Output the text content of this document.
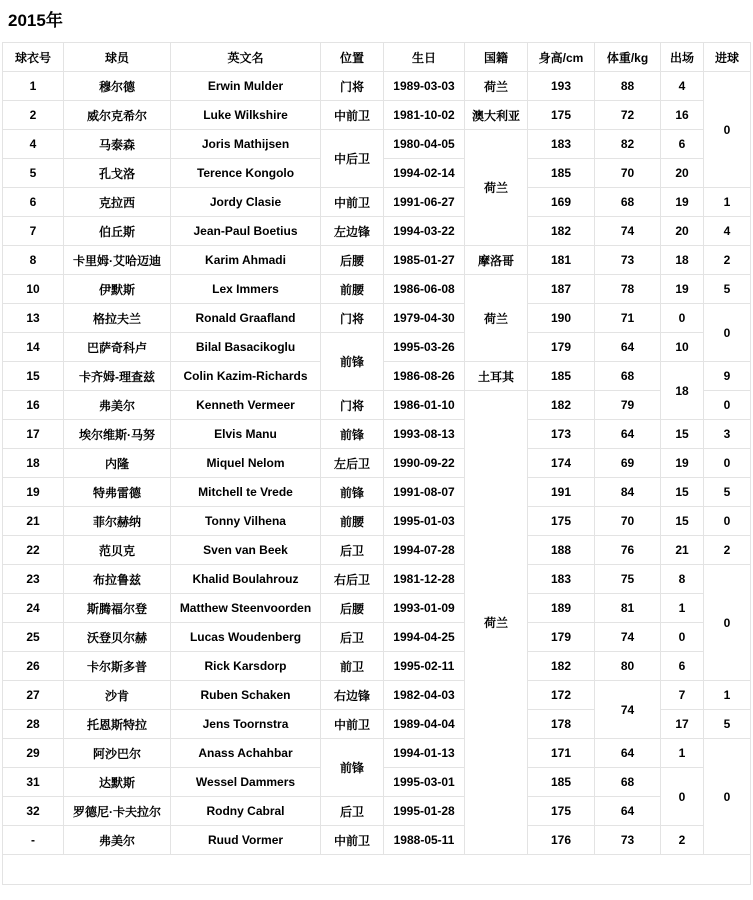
2015年
球衣号	球员	英文名	位置	生日	国籍	身高/cm	体重/kg	出场	进球
1	穆尔德	Erwin Mulder	门将	1989-03-03	荷兰	193	88	4	0
2	威尔克希尔	Luke Wilkshire	中前卫	1981-10-02	澳大利亚	175	72	16	
4	马泰森	Joris Mathijsen	中后卫	1980-04-05	荷兰	183	82	6	
5	孔戈洛	Terence Kongolo		1994-02-14		185	70	20	
6	克拉西	Jordy Clasie	中前卫	1991-06-27		169	68	19	1
7	伯丘斯	Jean-Paul Boetius	左边锋	1994-03-22		182	74	20	4
8	卡里姆·艾哈迈迪	Karim Ahmadi	后腰	1985-01-27	摩洛哥	181	73	18	2
10	伊默斯	Lex Immers	前腰	1986-06-08	荷兰	187	78	19	5
13	格拉夫兰	Ronald Graafland	门将	1979-04-30		190	71	0	0
14	巴萨奇科卢	Bilal Basacikoglu	前锋	1995-03-26		179	64	10	
15	卡齐姆-理查兹	Colin Kazim-Richards		1986-08-26	土耳其	185	68	18	9
16	弗美尔	Kenneth Vermeer	门将	1986-01-10	荷兰	182	79		0
17	埃尔维斯·马努	Elvis Manu	前锋	1993-08-13		173	64	15	3
18	内隆	Miquel Nelom	左后卫	1990-09-22		174	69	19	0
19	特弗雷德	Mitchell te Vrede	前锋	1991-08-07		191	84	15	5
21	菲尔赫纳	Tonny Vilhena	前腰	1995-01-03		175	70	15	0
22	范贝克	Sven van Beek	后卫	1994-07-28		188	76	21	2
23	布拉鲁兹	Khalid Boulahrouz	右后卫	1981-12-28		183	75	8	0
24	斯腾福尔登	Matthew Steenvoorden	后腰	1993-01-09		189	81	1	
25	沃登贝尔赫	Lucas Woudenberg	后卫	1994-04-25		179	74	0	
26	卡尔斯多普	Rick Karsdorp	前卫	1995-02-11		182	80	6	
27	沙肯	Ruben Schaken	右边锋	1982-04-03		172	74	7	1
28	托恩斯特拉	Jens Toornstra	中前卫	1989-04-04		178		17	5
29	阿沙巴尔	Anass Achahbar	前锋	1994-01-13		171	64	1	0
31	达默斯	Wessel Dammers		1995-03-01		185	68	0	
32	罗德尼·卡夫拉尔	Rodny Cabral	后卫	1995-01-28		175	64		
-	弗美尔	Ruud Vormer	中前卫	1988-05-11		176	73	2	
